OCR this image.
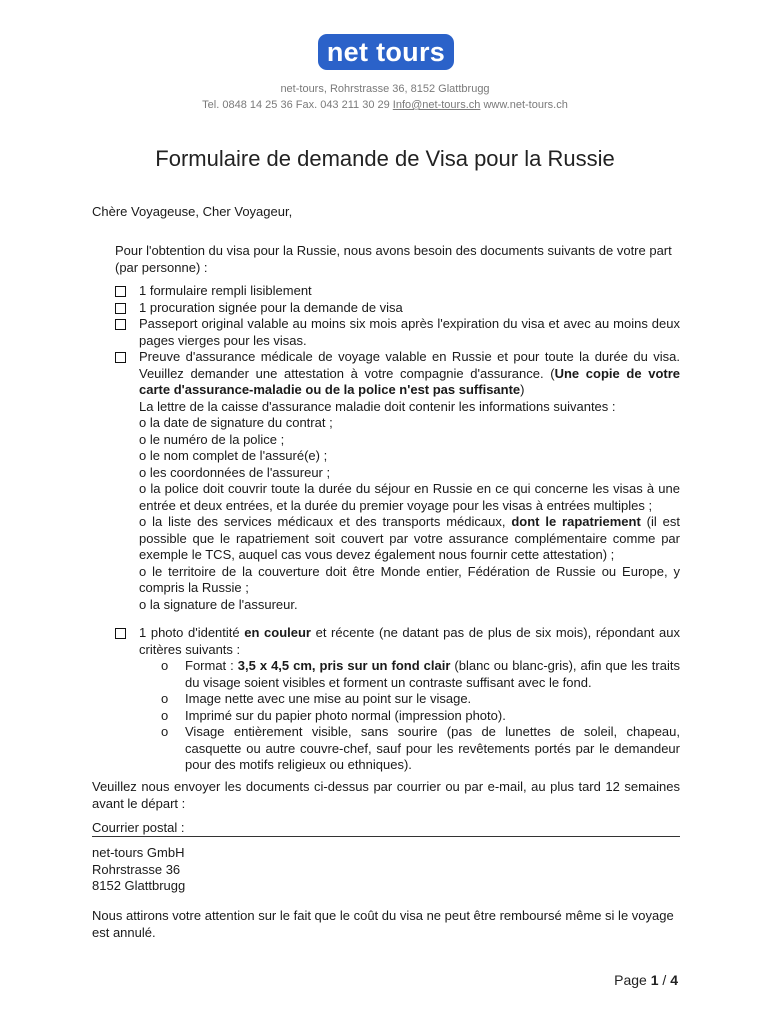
net tours
net-tours, Rohrstrasse 36, 8152 Glattbrugg
Tel. 0848 14 25 36 Fax. 043 211 30 29 Info@net-tours.ch www.net-tours.ch
Formulaire de demande de Visa pour la Russie
Chère Voyageuse, Cher Voyageur,
Pour l'obtention du visa pour la Russie, nous avons besoin des documents suivants de votre part (par personne) :
1 formulaire rempli lisiblement
1 procuration signée pour la demande de visa
Passeport original valable au moins six mois après l'expiration du visa et avec au moins deux pages vierges pour les visas.
Preuve d'assurance médicale de voyage valable en Russie et pour toute la durée du visa. Veuillez demander une attestation à votre compagnie d'assurance. (Une copie de votre carte d'assurance-maladie ou de la police n'est pas suffisante)
La lettre de la caisse d'assurance maladie doit contenir les informations suivantes :
o la date de signature du contrat ;
o le numéro de la police ;
o le nom complet de l'assuré(e) ;
o les coordonnées de l'assureur ;
o la police doit couvrir toute la durée du séjour en Russie en ce qui concerne les visas à une entrée et deux entrées, et la durée du premier voyage pour les visas à entrées multiples ;
o la liste des services médicaux et des transports médicaux, dont le rapatriement (il est possible que le rapatriement soit couvert par votre assurance complémentaire comme par exemple le TCS, auquel cas vous devez également nous fournir cette attestation) ;
o le territoire de la couverture doit être Monde entier, Fédération de Russie ou Europe, y compris la Russie ;
o la signature de l'assureur.
1 photo d'identité en couleur et récente (ne datant pas de plus de six mois), répondant aux critères suivants :
o Format : 3,5 x 4,5 cm, pris sur un fond clair (blanc ou blanc-gris), afin que les traits du visage soient visibles et forment un contraste suffisant avec le fond.
o Image nette avec une mise au point sur le visage.
o Imprimé sur du papier photo normal (impression photo).
o Visage entièrement visible, sans sourire (pas de lunettes de soleil, chapeau, casquette ou autre couvre-chef, sauf pour les revêtements portés par le demandeur pour des motifs religieux ou ethniques).
Veuillez nous envoyer les documents ci-dessus par courrier ou par e-mail, au plus tard 12 semaines avant le départ :
Courrier postal :
net-tours GmbH
Rohrstrasse 36
8152 Glattbrugg
Nous attirons votre attention sur le fait que le coût du visa ne peut être remboursé même si le voyage est annulé.
Page 1 / 4
